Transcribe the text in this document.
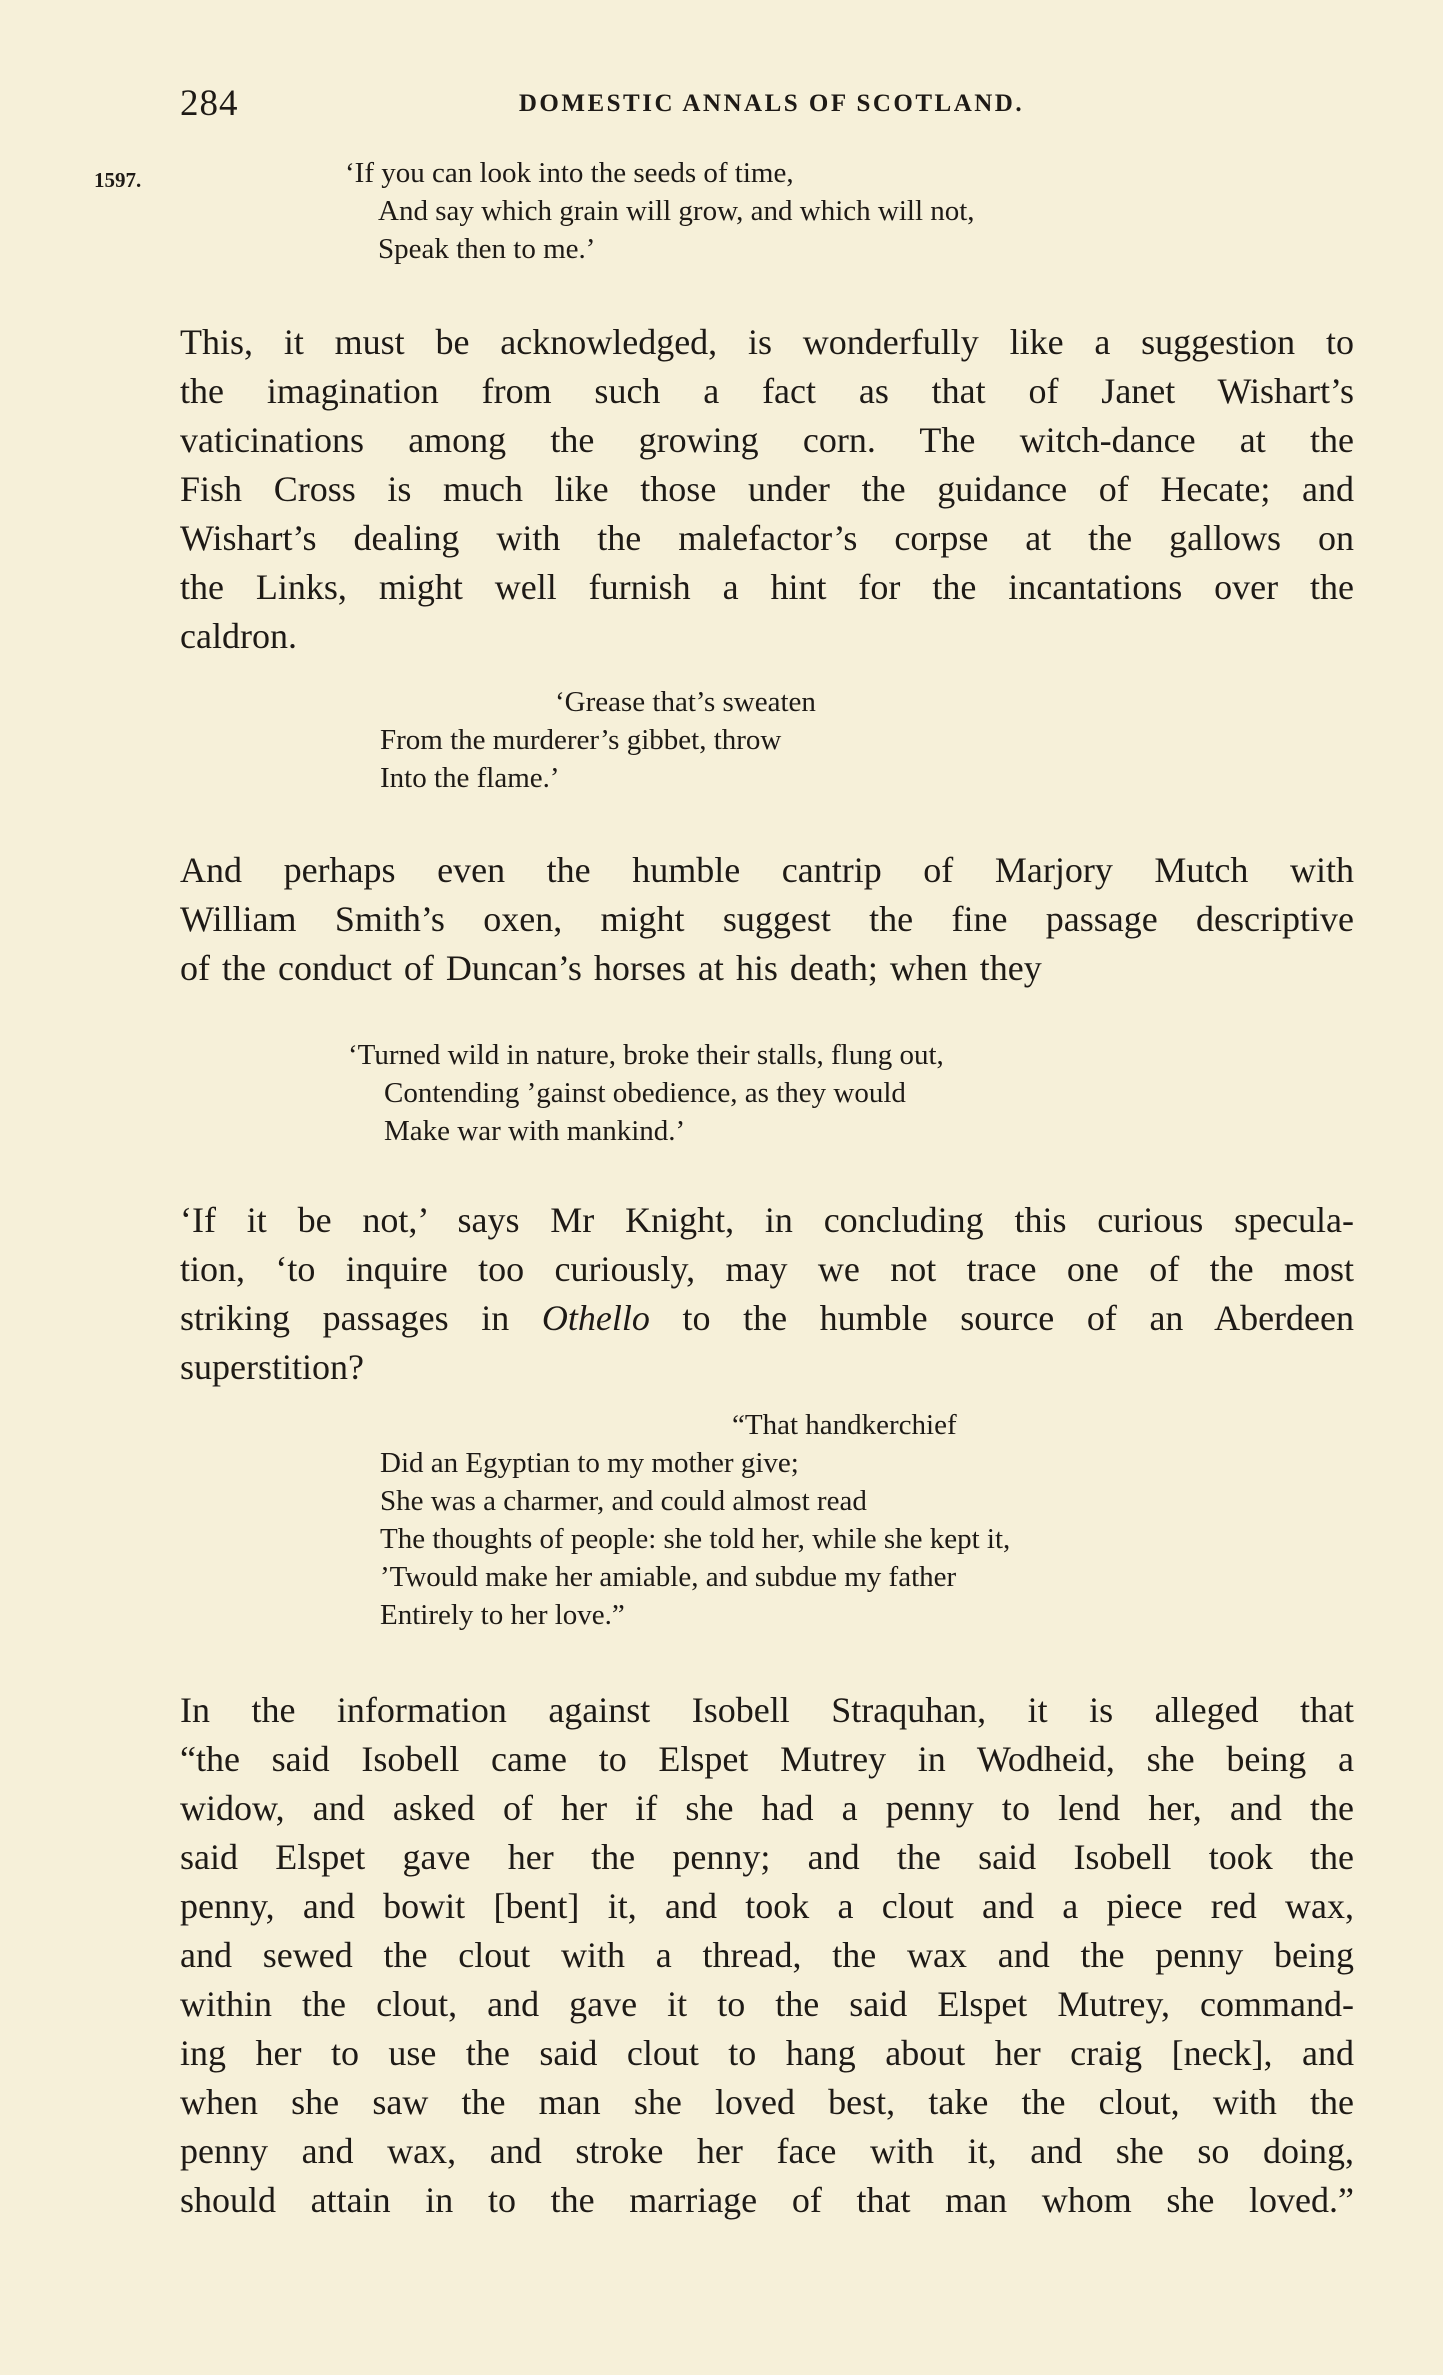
284	DOMESTIC ANNALS OF SCOTLAND.
1597.	‘If you can look into the seeds of time,
And say which grain will grow, and which will not,
Speak then to me.’
This, it must be acknowledged, is wonderfully like a suggestion to
the imagination from such a fact as that of Janet Wishart’s
vaticinations among the growing corn. The witch-dance at the
Fish Cross is much like those under the guidance of Hecate; and
Wishart’s dealing with the malefactor’s corpse at the gallows on
the Links, might well furnish a hint for the incantations over the
caldron.
‘Grease that’s sweaten
From the murderer’s gibbet, throw
Into the flame.’
And perhaps even the humble cantrip of Marjory Mutch with
William Smith’s oxen, might suggest the fine passage descriptive
of the conduct of Duncan’s horses at his death; when they
‘Turned wild in nature, broke their stalls, flung out,
Contending ’gainst obedience, as they would
Make war with mankind.’
‘If it be not,’ says Mr Knight, in concluding this curious specula-
tion, ‘to inquire too curiously, may we not trace one of the most
striking passages in Othello to the humble source of an Aberdeen
superstition?
“That handkerchief
Did an Egyptian to my mother give;
She was a charmer, and could almost read
The thoughts of people: she told her, while she kept it,
’Twould make her amiable, and subdue my father
Entirely to her love.”
In the information against Isobell Straquhan, it is alleged that
“the said Isobell came to Elspet Mutrey in Wodheid, she being a
widow, and asked of her if she had a penny to lend her, and the
said Elspet gave her the penny; and the said Isobell took the
penny, and bowit [bent] it, and took a clout and a piece red wax,
and sewed the clout with a thread, the wax and the penny being
within the clout, and gave it to the said Elspet Mutrey, command-
ing her to use the said clout to hang about her craig [neck], and
when she saw the man she loved best, take the clout, with the
penny and wax, and stroke her face with it, and she so doing,
should attain in to the marriage of that man whom she loved.”
